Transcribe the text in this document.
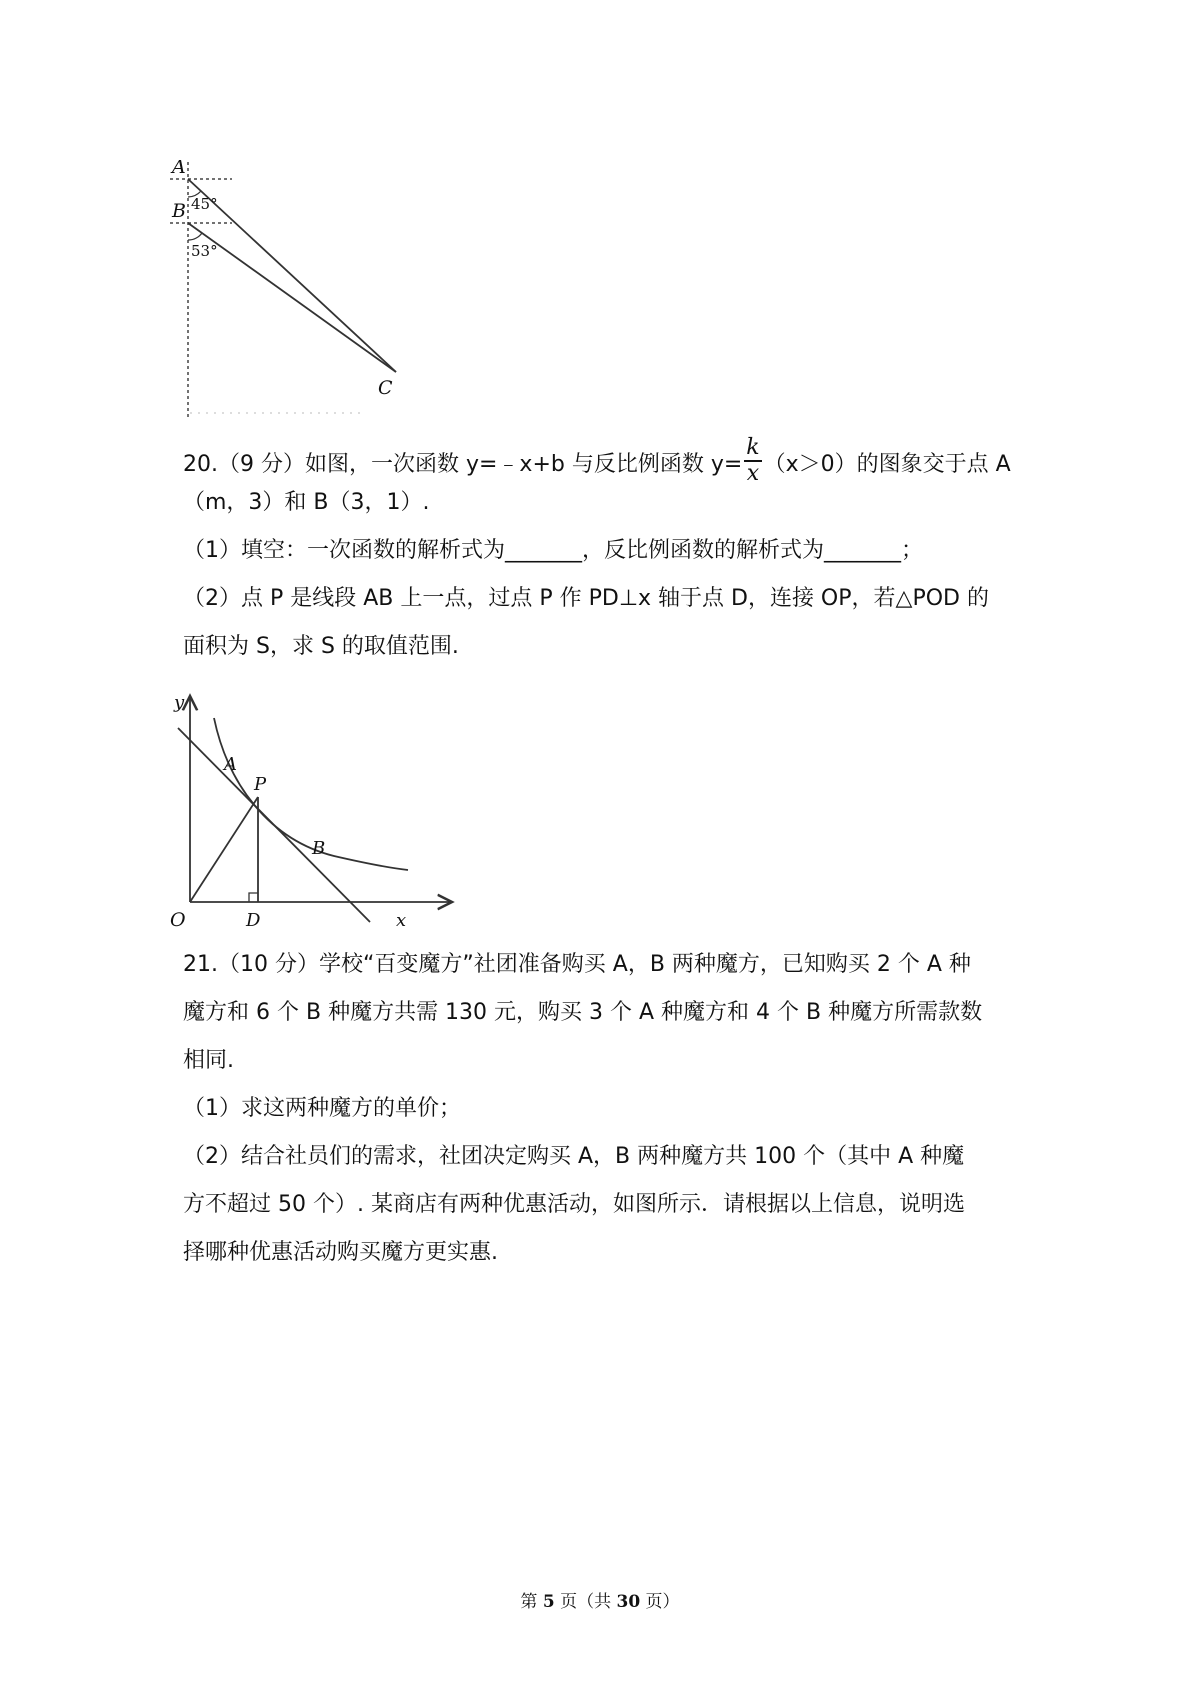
A
B
C
45°
53°
20.（9 分）如图，一次函数 y=﹣x+b 与反比例函数 $y= \frac{k}{x} (x>0)$的图象交于点 A
（m，3）和 B（3，1）.
（1）填空：一次函数的解析式为_______，反比例函数的解析式为_______；
（2）点 P 是线段 AB 上一点，过点 P 作 PD⊥x 轴于点 D，连接 OP，若△POD 的
面积为 S，求 S 的取值范围.
y
x
O
A
P
B
D
21.（10 分）学校“百变魔方”社团准备购买 A，B 两种魔方，已知购买 2 个 A 种
魔方和 6 个 B 种魔方共需 130 元，购买 3 个 A 种魔方和 4 个 B 种魔方所需款数
相同.
（1）求这两种魔方的单价；
（2）结合社员们的需求，社团决定购买 A，B 两种魔方共 100 个（其中 A 种魔
方不超过 50 个）. 某商店有两种优惠活动，如图所示．请根据以上信息，说明选
择哪种优惠活动购买魔方更实惠.
第 5 页（共 30 页）
